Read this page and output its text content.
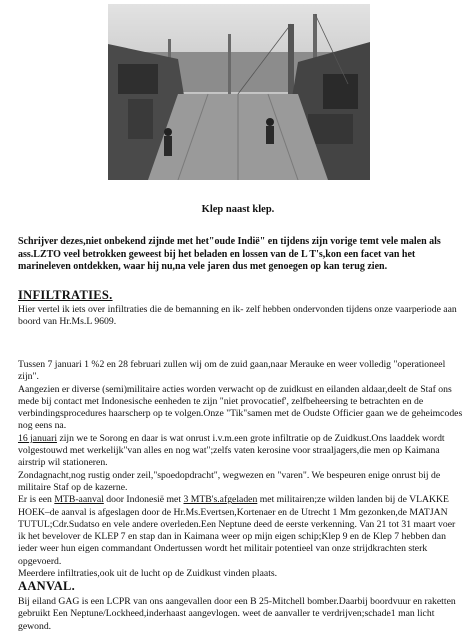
Klep naast klep.
Schrijver dezes,niet onbekend zijnde met het"oude Indië" en tijdens zijn vorige temt vele malen als ass.LZTO veel betrokken geweest bij het beladen en lossen van de L T's,kon een facet van het marineleven ontdekken, waar hij nu,na vele jaren dus met genoegen op kan terug zien.
INFILTRATIES.
Hier vertel ik iets over infiltraties die de bemanning en ik- zelf hebben ondervonden tijdens onze vaarperiode aan boord van Hr.Ms.L 9609.

Tussen 7 januari 1 %2 en 28 februari zullen wij om de zuid gaan,naar Merauke en weer volledig "operationeel zijn".

Aangezien er diverse (semi)militaire acties worden verwacht op de zuidkust en eilanden aldaar,deelt de Staf ons mede bij contact met Indonesische eenheden te zijn "niet provocatief', zelfbeheersing te betrachten en de verbindingsprocedures haarscherp op te volgen.Onze "Tik"samen met de Oudste Officier gaan we de geheimcodes nog eens na.

16 januari zijn we te Sorong en daar is wat onrust i.v.m.een grote infiltratie op de Zuidkust.Ons laaddek wordt volgestouwd met werkelijk"van alles en nog wat";zelfs vaten kerosine voor straaljagers,die men op Kaimana airstrip wil stationeren.

Zondagnacht,nog rustig onder zeil,"spoedopdracht", wegwezen en "varen". We bespeuren enige onrust bij de militaire Staf op de kazerne.

Er is een MTB-aanval door Indonesië met 3 MTB's.afgeladen met militairen;ze wilden landen bij de VLAKKE HOEK–de aanval is afgeslagen door de Hr.Ms.Evertsen,Kortenaer en de Utrecht 1 Mm gezonken,de MATJAN TUTUL;Cdr.Sudatso en vele andere overleden.Een Neptune deed de eerste verkenning. Van 21 tot 31 maart voer ik het bevelover de KLEP 7 en stap dan in Kaimana weer op mijn eigen schip;Klep 9 en de Klep 7 hebben dan ieder weer hun eigen commandant Ondertussen wordt het militair potentieel van onze strijdkrachten sterk opgevoerd.

Meerdere infiltraties,ook uit de lucht op de Zuidkust vinden plaats.

AANVAL.
Bij eiland GAG is een LCPR van ons aangevallen door een B 25-Mitchell bomber.Daarbij boordvuur en raketten gebruikt Een Neptune/Lockheed,inderhaast aangevlogen. weet de aanvaller te verdrijven;schade1 man licht gewond.
